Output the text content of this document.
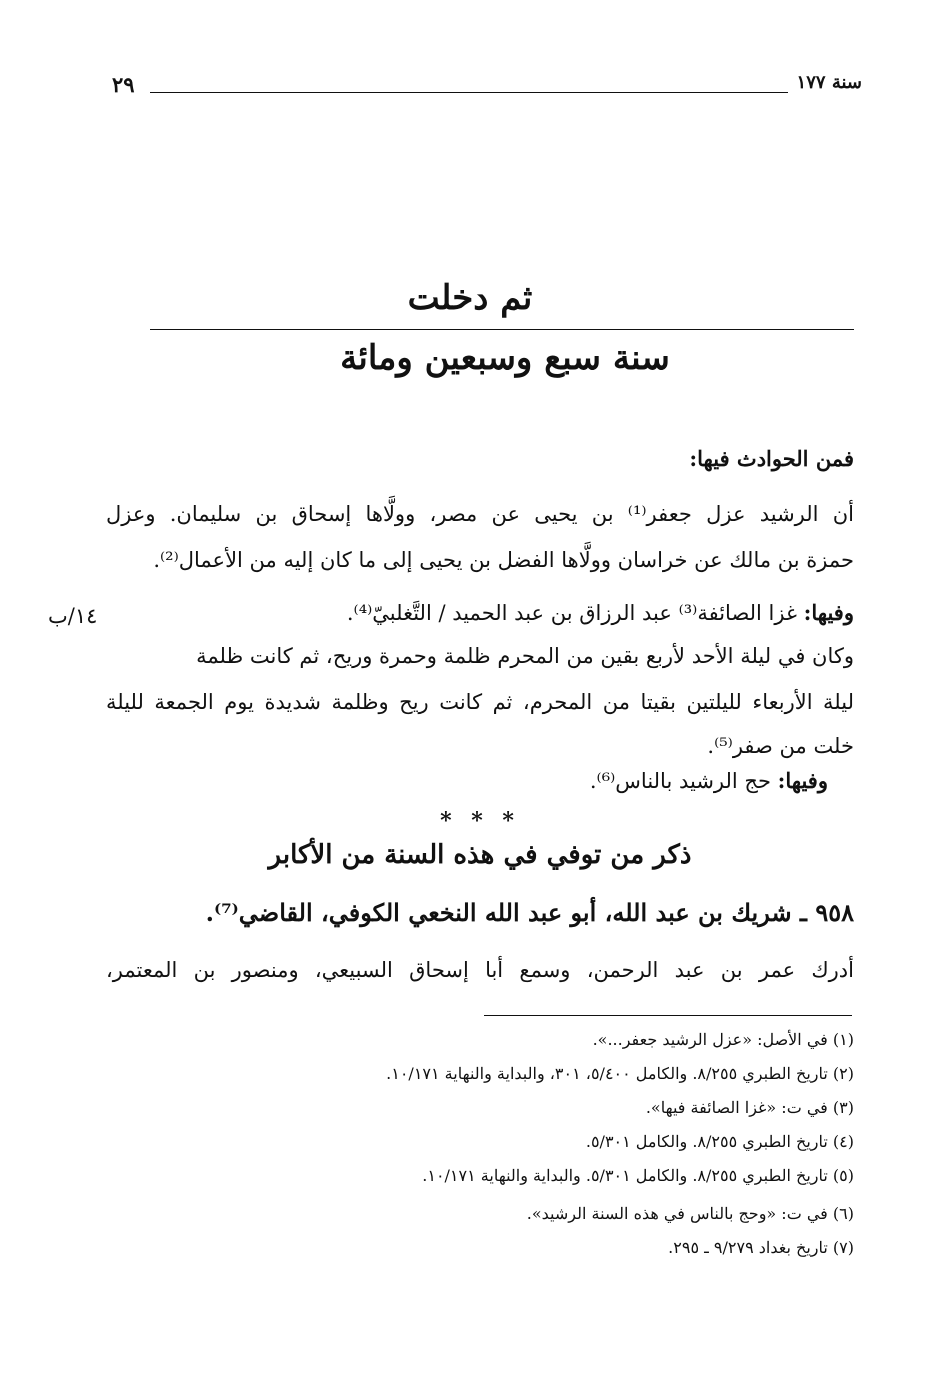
٢٩	سنة ١٧٧
ثم دخلت
سنة سبع وسبعين ومائة
فمن الحوادث فيها:
أن الرشيد عزل جعفر⁽¹⁾ بن يحيى عن مصر، وولَّاها إسحاق بن سليمان. وعزل
حمزة بن مالك عن خراسان وولَّاها الفضل بن يحيى إلى ما كان إليه من الأعمال⁽²⁾.
وفيها: غزا الصائفة⁽³⁾ عبد الرزاق بن عبد الحميد / التَّغلبيّ⁽⁴⁾.
١٤/ب
وكان في ليلة الأحد لأربع بقين من المحرم ظلمة وحمرة وريح، ثم كانت ظلمة
ليلة الأربعاء لليلتين بقيتا من المحرم، ثم كانت ريح وظلمة شديدة يوم الجمعة لليلة
خلت من صفر⁽⁵⁾.
وفيها: حج الرشيد بالناس⁽⁶⁾.
* * *
ذكر من توفي في هذه السنة من الأكابر
٩٥٨ ـ شريك بن عبد الله، أبو عبد الله النخعي الكوفي، القاضي⁽⁷⁾.
أدرك عمر بن عبد الرحمن، وسمع أبا إسحاق السبيعي، ومنصور بن المعتمر،
(١) في الأصل: «عزل الرشيد جعفر...».
(٢) تاريخ الطبري ٨/٢٥٥. والكامل ٥/٤٠٠، ٣٠١، والبداية والنهاية ١٠/١٧١.
(٣) في ت: «غزا الصائفة فيها».
(٤) تاريخ الطبري ٨/٢٥٥. والكامل ٥/٣٠١.
(٥) تاريخ الطبري ٨/٢٥٥. والكامل ٥/٣٠١. والبداية والنهاية ١٠/١٧١.
(٦) في ت: «وحج بالناس في هذه السنة الرشيد».
(٧) تاريخ بغداد ٩/٢٧٩ ـ ٢٩٥.
